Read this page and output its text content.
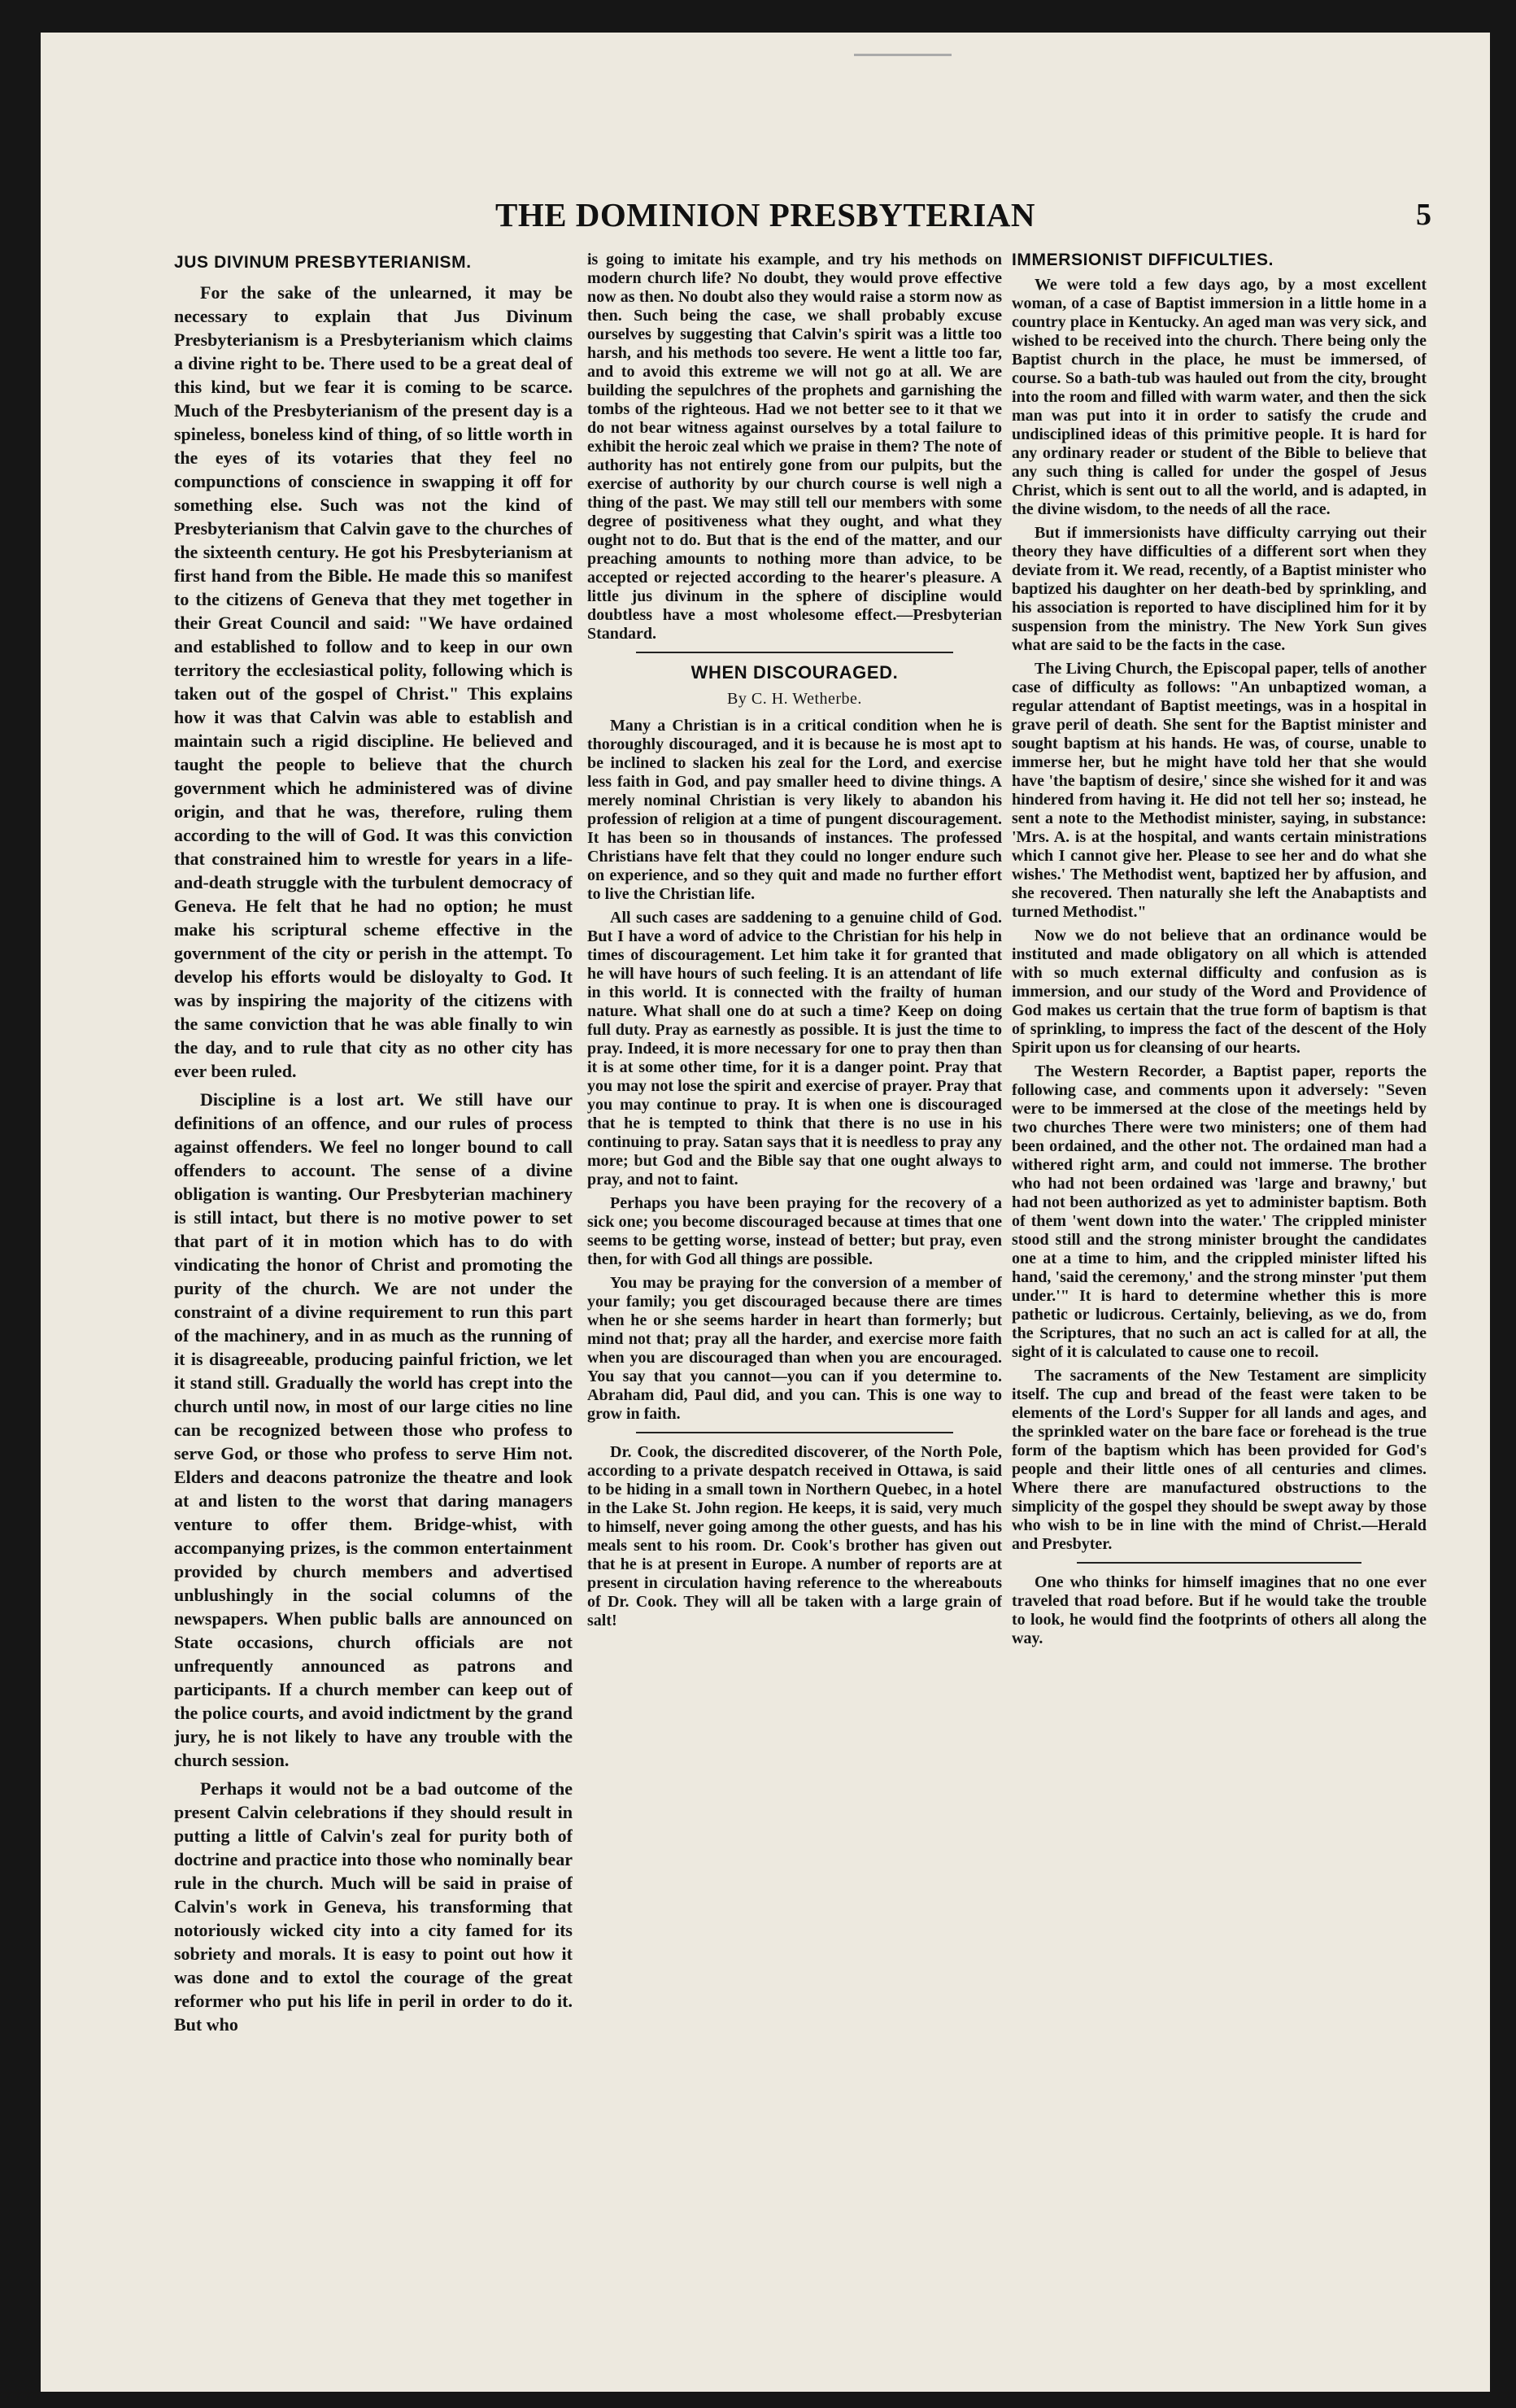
THE DOMINION PRESBYTERIAN	5
JUS DIVINUM PRESBYTERIANISM.

For the sake of the unlearned, it may be necessary to explain that Jus Divinum Presbyterianism is a Presbyterianism which claims a divine right to be. There used to be a great deal of this kind, but we fear it is coming to be scarce. Much of the Presbyterianism of the present day is a spineless, boneless kind of thing, of so little worth in the eyes of its votaries that they feel no compunctions of conscience in swapping it off for something else. Such was not the kind of Presbyterianism that Calvin gave to the churches of the sixteenth century. He got his Presbyterianism at first hand from the Bible. He made this so manifest to the citizens of Geneva that they met together in their Great Council and said: "We have ordained and established to follow and to keep in our own territory the ecclesiastical polity, following which is taken out of the gospel of Christ." This explains how it was that Calvin was able to establish and maintain such a rigid discipline. He believed and taught the people to believe that the church government which he administered was of divine origin, and that he was, therefore, ruling them according to the will of God. It was this conviction that constrained him to wrestle for years in a life-and-death struggle with the turbulent democracy of Geneva. He felt that he had no option; he must make his scriptural scheme effective in the government of the city or perish in the attempt. To develop his efforts would be disloyalty to God. It was by inspiring the majority of the citizens with the same conviction that he was able finally to win the day, and to rule that city as no other city has ever been ruled.

Discipline is a lost art. We still have our definitions of an offence, and our rules of process against offenders. We feel no longer bound to call offenders to account. The sense of a divine obligation is wanting. Our Presbyterian machinery is still intact, but there is no motive power to set that part of it in motion which has to do with vindicating the honor of Christ and promoting the purity of the church. We are not under the constraint of a divine requirement to run this part of the machinery, and in as much as the running of it is disagreeable, producing painful friction, we let it stand still. Gradually the world has crept into the church until now, in most of our large cities no line can be recognized between those who profess to serve God, or those who profess to serve Him not. Elders and deacons patronize the theatre and look at and listen to the worst that daring managers venture to offer them. Bridge-whist, with accompanying prizes, is the common entertainment provided by church members and advertised unblushingly in the social columns of the newspapers. When public balls are announced on State occasions, church officials are not unfrequently announced as patrons and participants. If a church member can keep out of the police courts, and avoid indictment by the grand jury, he is not likely to have any trouble with the church session.

Perhaps it would not be a bad outcome of the present Calvin celebrations if they should result in putting a little of Calvin's zeal for purity both of doctrine and practice into those who nominally bear rule in the church. Much will be said in praise of Calvin's work in Geneva, his transforming that notoriously wicked city into a city famed for its sobriety and morals. It is easy to point out how it was done and to extol the courage of the great reformer who put his life in peril in order to do it. But who

is going to imitate his example, and try his methods on modern church life? No doubt, they would prove effective now as then. No doubt also they would raise a storm now as then. Such being the case, we shall probably excuse ourselves by suggesting that Calvin's spirit was a little too harsh, and his methods too severe. He went a little too far, and to avoid this extreme we will not go at all. We are building the sepulchres of the prophets and garnishing the tombs of the righteous. Had we not better see to it that we do not bear witness against ourselves by a total failure to exhibit the heroic zeal which we praise in them? The note of authority has not entirely gone from our pulpits, but the exercise of authority by our church course is well nigh a thing of the past. We may still tell our members with some degree of positiveness what they ought, and what they ought not to do. But that is the end of the matter, and our preaching amounts to nothing more than advice, to be accepted or rejected according to the hearer's pleasure. A little jus divinum in the sphere of discipline would doubtless have a most wholesome effect.—Presbyterian Standard.

WHEN DISCOURAGED.
By C. H. Wetherbe.

Many a Christian is in a critical condition when he is thoroughly discouraged, and it is because he is most apt to be inclined to slacken his zeal for the Lord, and exercise less faith in God, and pay smaller heed to divine things. A merely nominal Christian is very likely to abandon his profession of religion at a time of pungent discouragement. It has been so in thousands of instances. The professed Christians have felt that they could no longer endure such on experience, and so they quit and made no further effort to live the Christian life.

All such cases are saddening to a genuine child of God. But I have a word of advice to the Christian for his help in times of discouragement. Let him take it for granted that he will have hours of such feeling. It is an attendant of life in this world. It is connected with the frailty of human nature. What shall one do at such a time? Keep on doing full duty. Pray as earnestly as possible. It is just the time to pray. Indeed, it is more necessary for one to pray then than it is at some other time, for it is a danger point. Pray that you may not lose the spirit and exercise of prayer. Pray that you may continue to pray. It is when one is discouraged that he is tempted to think that there is no use in his continuing to pray. Satan says that it is needless to pray any more; but God and the Bible say that one ought always to pray, and not to faint.

Perhaps you have been praying for the recovery of a sick one; you become discouraged because at times that one seems to be getting worse, instead of better; but pray, even then, for with God all things are possible.

You may be praying for the conversion of a member of your family; you get discouraged because there are times when he or she seems harder in heart than formerly; but mind not that; pray all the harder, and exercise more faith when you are discouraged than when you are encouraged. You say that you cannot—you can if you determine to. Abraham did, Paul did, and you can. This is one way to grow in faith.

Dr. Cook, the discredited discoverer, of the North Pole, according to a private despatch received in Ottawa, is said to be hiding in a small town in Northern Quebec, in a hotel in the Lake St. John region. He keeps, it is said, very much to himself, never going among the other guests, and has his meals sent to his room. Dr. Cook's brother has given out that he is at present in Europe. A number of reports are at present in circulation having reference to the whereabouts of Dr. Cook. They will all be taken with a large grain of salt!

IMMERSIONIST DIFFICULTIES.

We were told a few days ago, by a most excellent woman, of a case of Baptist immersion in a little home in a country place in Kentucky. An aged man was very sick, and wished to be received into the church. There being only the Baptist church in the place, he must be immersed, of course. So a bath-tub was hauled out from the city, brought into the room and filled with warm water, and then the sick man was put into it in order to satisfy the crude and undisciplined ideas of this primitive people. It is hard for any ordinary reader or student of the Bible to believe that any such thing is called for under the gospel of Jesus Christ, which is sent out to all the world, and is adapted, in the divine wisdom, to the needs of all the race.

But if immersionists have difficulty carrying out their theory they have difficulties of a different sort when they deviate from it. We read, recently, of a Baptist minister who baptized his daughter on her death-bed by sprinkling, and his association is reported to have disciplined him for it by suspension from the ministry. The New York Sun gives what are said to be the facts in the case.

The Living Church, the Episcopal paper, tells of another case of difficulty as follows: "An unbaptized woman, a regular attendant of Baptist meetings, was in a hospital in grave peril of death. She sent for the Baptist minister and sought baptism at his hands. He was, of course, unable to immerse her, but he might have told her that she would have 'the baptism of desire,' since she wished for it and was hindered from having it. He did not tell her so; instead, he sent a note to the Methodist minister, saying, in substance: 'Mrs. A. is at the hospital, and wants certain ministrations which I cannot give her. Please to see her and do what she wishes.' The Methodist went, baptized her by affusion, and she recovered. Then naturally she left the Anabaptists and turned Methodist."

Now we do not believe that an ordinance would be instituted and made obligatory on all which is attended with so much external difficulty and confusion as is immersion, and our study of the Word and Providence of God makes us certain that the true form of baptism is that of sprinkling, to impress the fact of the descent of the Holy Spirit upon us for cleansing of our hearts.

The Western Recorder, a Baptist paper, reports the following case, and comments upon it adversely: "Seven were to be immersed at the close of the meetings held by two churches There were two ministers; one of them had been ordained, and the other not. The ordained man had a withered right arm, and could not immerse. The brother who had not been ordained was 'large and brawny,' but had not been authorized as yet to administer baptism. Both of them 'went down into the water.' The crippled minister stood still and the strong minister brought the candidates one at a time to him, and the crippled minister lifted his hand, 'said the ceremony,' and the strong minster 'put them under.'" It is hard to determine whether this is more pathetic or ludicrous. Certainly, believing, as we do, from the Scriptures, that no such an act is called for at all, the sight of it is calculated to cause one to recoil.

The sacraments of the New Testament are simplicity itself. The cup and bread of the feast were taken to be elements of the Lord's Supper for all lands and ages, and the sprinkled water on the bare face or forehead is the true form of the baptism which has been provided for God's people and their little ones of all centuries and climes. Where there are manufactured obstructions to the simplicity of the gospel they should be swept away by those who wish to be in line with the mind of Christ.—Herald and Presbyter.

One who thinks for himself imagines that no one ever traveled that road before. But if he would take the trouble to look, he would find the footprints of others all along the way.
